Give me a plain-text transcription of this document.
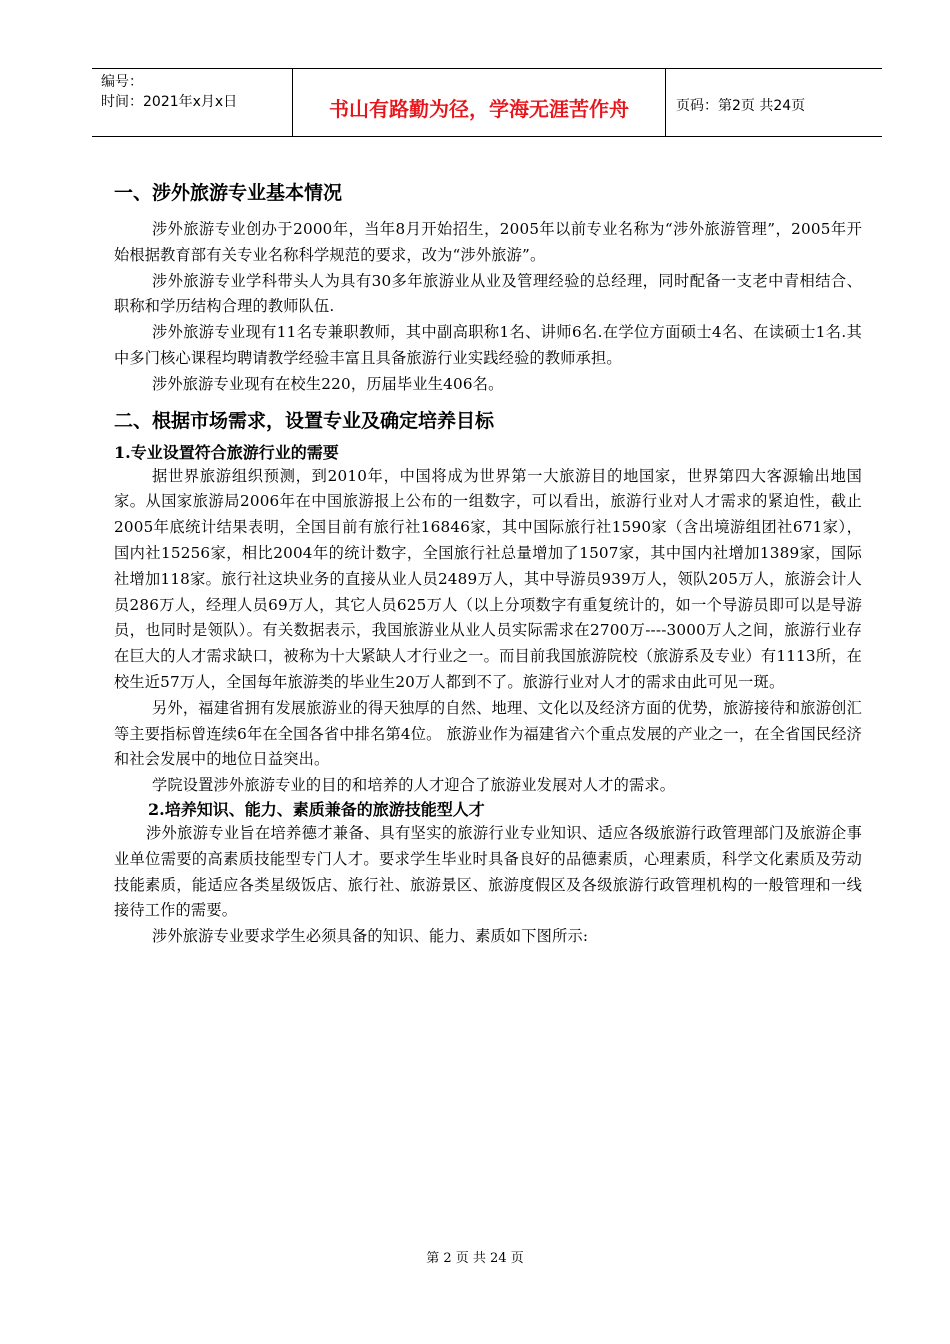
编号：
时间：2021年x月x日	书山有路勤为径，学海无涯苦作舟	页码：第2页 共24页
一、涉外旅游专业基本情况

涉外旅游专业创办于2000年，当年8月开始招生，2005年以前专业名称为“涉外旅游管理”，2005年开始根据教育部有关专业名称科学规范的要求，改为“涉外旅游”。

涉外旅游专业学科带头人为具有30多年旅游业从业及管理经验的总经理，同时配备一支老中青相结合、职称和学历结构合理的教师队伍.

涉外旅游专业现有11名专兼职教师，其中副高职称1名、讲师6名.在学位方面硕士4名、在读硕士1名.其中多门核心课程均聘请教学经验丰富且具备旅游行业实践经验的教师承担。

涉外旅游专业现有在校生220，历届毕业生406名。

二、根据市场需求，设置专业及确定培养目标
1.专业设置符合旅游行业的需要

据世界旅游组织预测，到2010年，中国将成为世界第一大旅游目的地国家，世界第四大客源输出地国家。从国家旅游局2006年在中国旅游报上公布的一组数字，可以看出，旅游行业对人才需求的紧迫性，截止2005年底统计结果表明，全国目前有旅行社16846家，其中国际旅行社1590家（含出境游组团社671家），国内社15256家，相比2004年的统计数字，全国旅行社总量增加了1507家，其中国内社增加1389家，国际社增加118家。旅行社这块业务的直接从业人员2489万人，其中导游员939万人，领队205万人，旅游会计人员286万人，经理人员69万人，其它人员625万人（以上分项数字有重复统计的，如一个导游员即可以是导游员，也同时是领队）。有关数据表示，我国旅游业从业人员实际需求在2700万----3000万人之间，旅游行业存在巨大的人才需求缺口，被称为十大紧缺人才行业之一。而目前我国旅游院校（旅游系及专业）有1113所，在校生近57万人，全国每年旅游类的毕业生20万人都到不了。旅游行业对人才的需求由此可见一斑。

另外，福建省拥有发展旅游业的得天独厚的自然、地理、文化以及经济方面的优势，旅游接待和旅游创汇等主要指标曾连续6年在全国各省中排名第4位。 旅游业作为福建省六个重点发展的产业之一，在全省国民经济和社会发展中的地位日益突出。

学院设置涉外旅游专业的目的和培养的人才迎合了旅游业发展对人才的需求。

2.培养知识、能力、素质兼备的旅游技能型人才

涉外旅游专业旨在培养德才兼备、具有坚实的旅游行业专业知识、适应各级旅游行政管理部门及旅游企事业单位需要的高素质技能型专门人才。要求学生毕业时具备良好的品德素质，心理素质，科学文化素质及劳动技能素质，能适应各类星级饭店、旅行社、旅游景区、旅游度假区及各级旅游行政管理机构的一般管理和一线接待工作的需要。

涉外旅游专业要求学生必须具备的知识、能力、素质如下图所示:

第 2 页 共 24 页
